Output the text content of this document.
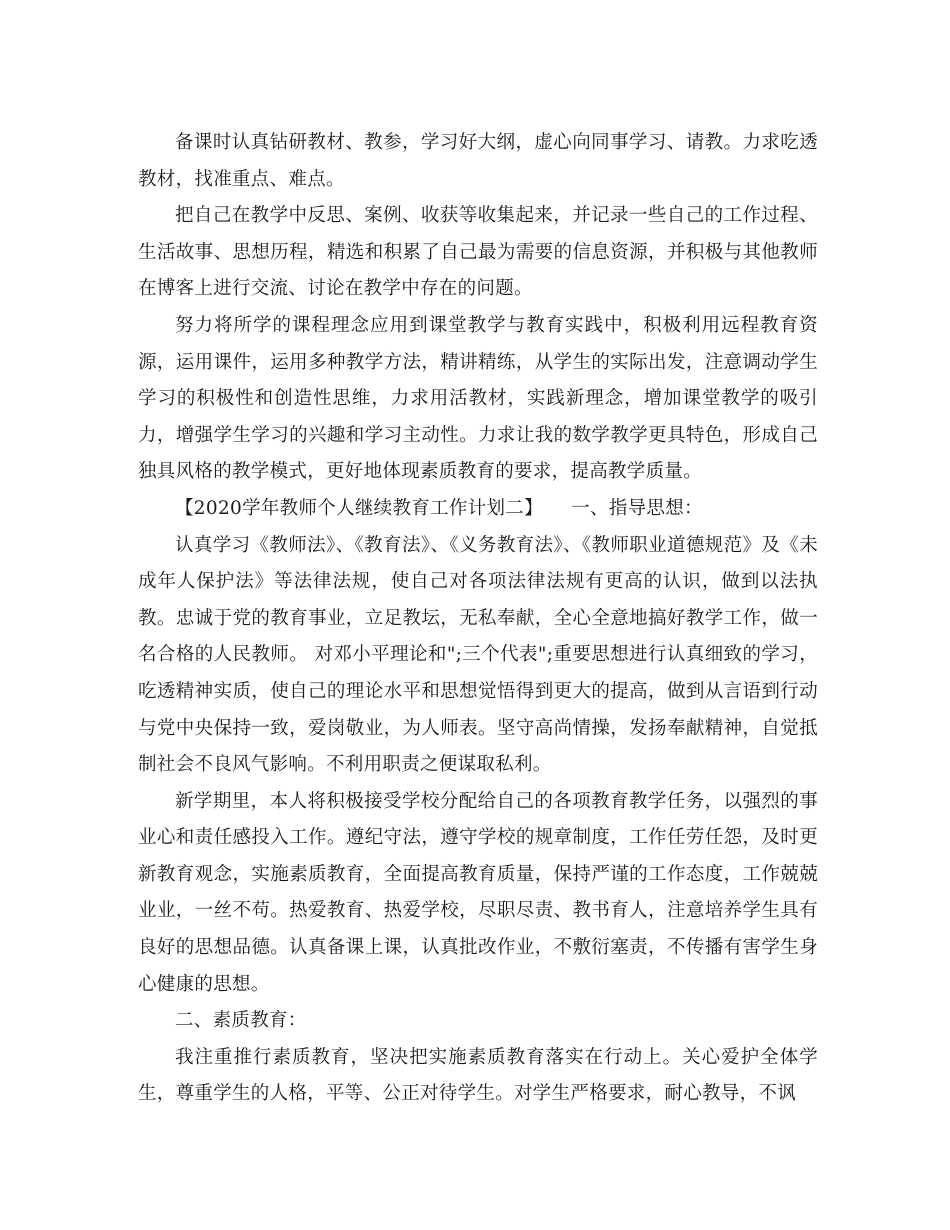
备课时认真钻研教材、教参，学习好大纲，虚心向同事学习、请教。力求吃透教材，找准重点、难点。

把自己在教学中反思、案例、收获等收集起来，并记录一些自己的工作过程、生活故事、思想历程，精选和积累了自己最为需要的信息资源，并积极与其他教师在博客上进行交流、讨论在教学中存在的问题。

努力将所学的课程理念应用到课堂教学与教育实践中，积极利用远程教育资源，运用课件，运用多种教学方法，精讲精练，从学生的实际出发，注意调动学生学习的积极性和创造性思维，力求用活教材，实践新理念，增加课堂教学的吸引力，增强学生学习的兴趣和学习主动性。力求让我的数学教学更具特色，形成自己独具风格的教学模式，更好地体现素质教育的要求，提高教学质量。

【2020学年教师个人继续教育工作计划二】　　一、指导思想：

认真学习《教师法》、《教育法》、《义务教育法》、《教师职业道德规范》及《未成年人保护法》等法律法规，使自己对各项法律法规有更高的认识，做到以法执教。忠诚于党的教育事业，立足教坛，无私奉献，全心全意地搞好教学工作，做一名合格的人民教师。 对邓小平理论和";三个代表";重要思想进行认真细致的学习，吃透精神实质，使自己的理论水平和思想觉悟得到更大的提高，做到从言语到行动与党中央保持一致，爱岗敬业，为人师表。坚守高尚情操，发扬奉献精神，自觉抵制社会不良风气影响。不利用职责之便谋取私利。

新学期里，本人将积极接受学校分配给自己的各项教育教学任务，以强烈的事业心和责任感投入工作。遵纪守法，遵守学校的规章制度，工作任劳任怨，及时更新教育观念，实施素质教育，全面提高教育质量，保持严谨的工作态度，工作兢兢业业，一丝不苟。热爱教育、热爱学校，尽职尽责、教书育人，注意培养学生具有良好的思想品德。认真备课上课，认真批改作业，不敷衍塞责，不传播有害学生身心健康的思想。

二、素质教育：

我注重推行素质教育，坚决把实施素质教育落实在行动上。关心爱护全体学生，尊重学生的人格，平等、公正对待学生。对学生严格要求，耐心教导，不讽
